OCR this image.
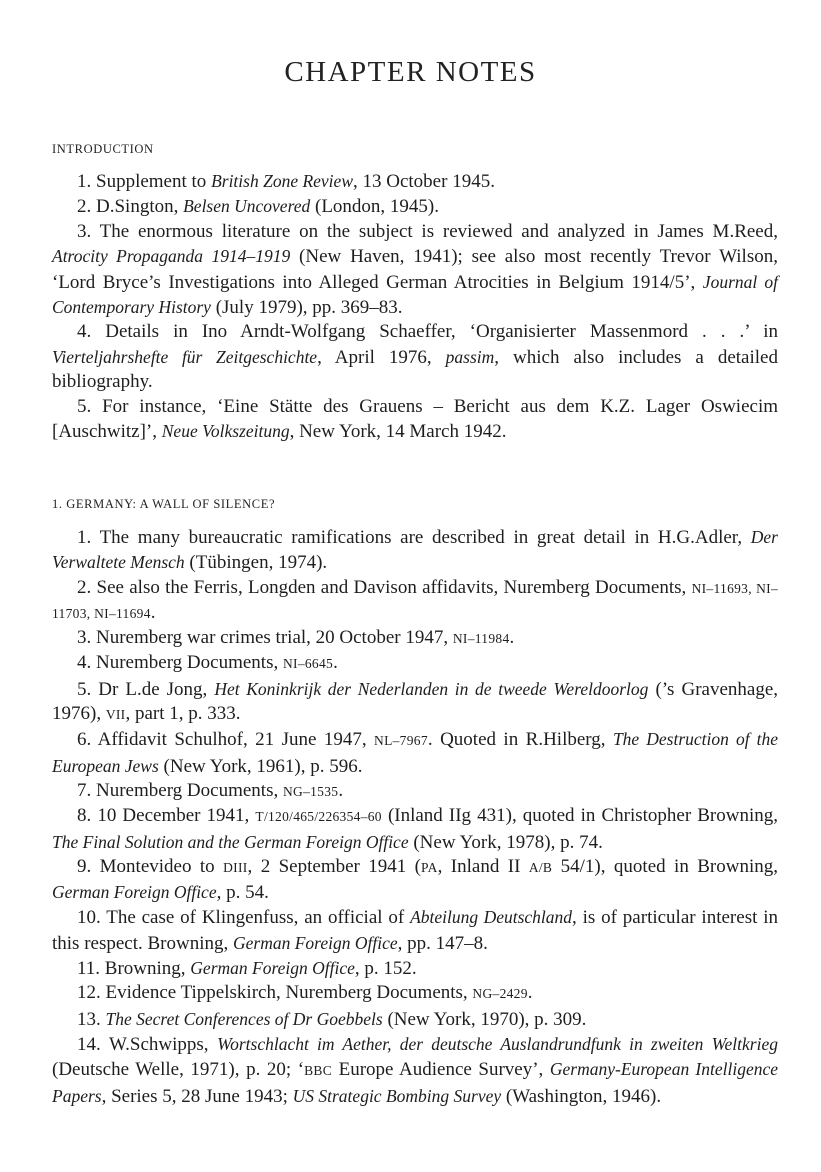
CHAPTER NOTES
INTRODUCTION

1. Supplement to British Zone Review, 13 October 1945.

2. D.Sington, Belsen Uncovered (London, 1945).

3. The enormous literature on the subject is reviewed and analyzed in James M.Reed, Atrocity Propaganda 1914–1919 (New Haven, 1941); see also most recently Trevor Wilson, ‘Lord Bryce’s Investigations into Alleged German Atrocities in Belgium 1914/5’, Journal of Contemporary History (July 1979), pp. 369–83.

4. Details in Ino Arndt-Wolfgang Schaeffer, ‘Organisierter Massenmord . . .’ in Vierteljahrshefte für Zeitgeschichte, April 1976, passim, which also includes a detailed bibliography.

5. For instance, ‘Eine Stätte des Grauens – Bericht aus dem K.Z. Lager Oswiecim [Auschwitz]’, Neue Volkszeitung, New York, 14 March 1942.

1. GERMANY: A WALL OF SILENCE?

1. The many bureaucratic ramifications are described in great detail in H.G.Adler, Der Verwaltete Mensch (Tübingen, 1974).

2. See also the Ferris, Longden and Davison affidavits, Nuremberg Documents, NI–11693, NI–11703, NI–11694.

3. Nuremberg war crimes trial, 20 October 1947, NI–11984.

4. Nuremberg Documents, NI–6645.

5. Dr L.de Jong, Het Koninkrijk der Nederlanden in de tweede Wereldoorlog (’s Gravenhage, 1976), VII, part 1, p. 333.

6. Affidavit Schulhof, 21 June 1947, NL–7967. Quoted in R.Hilberg, The Destruction of the European Jews (New York, 1961), p. 596.

7. Nuremberg Documents, NG–1535.

8. 10 December 1941, T/120/465/226354–60 (Inland IIg 431), quoted in Christopher Browning, The Final Solution and the German Foreign Office (New York, 1978), p. 74.

9. Montevideo to DIII, 2 September 1941 (PA, Inland II A/B 54/1), quoted in Browning, German Foreign Office, p. 54.

10. The case of Klingenfuss, an official of Abteilung Deutschland, is of particular interest in this respect. Browning, German Foreign Office, pp. 147–8.

11. Browning, German Foreign Office, p. 152.

12. Evidence Tippelskirch, Nuremberg Documents, NG–2429.

13. The Secret Conferences of Dr Goebbels (New York, 1970), p. 309.

14. W.Schwipps, Wortschlacht im Aether, der deutsche Auslandrundfunk in zweiten Weltkrieg (Deutsche Welle, 1971), p. 20; ‘BBC Europe Audience Survey’, Germany-European Intelligence Papers, Series 5, 28 June 1943; US Strategic Bombing Survey (Washington, 1946).
